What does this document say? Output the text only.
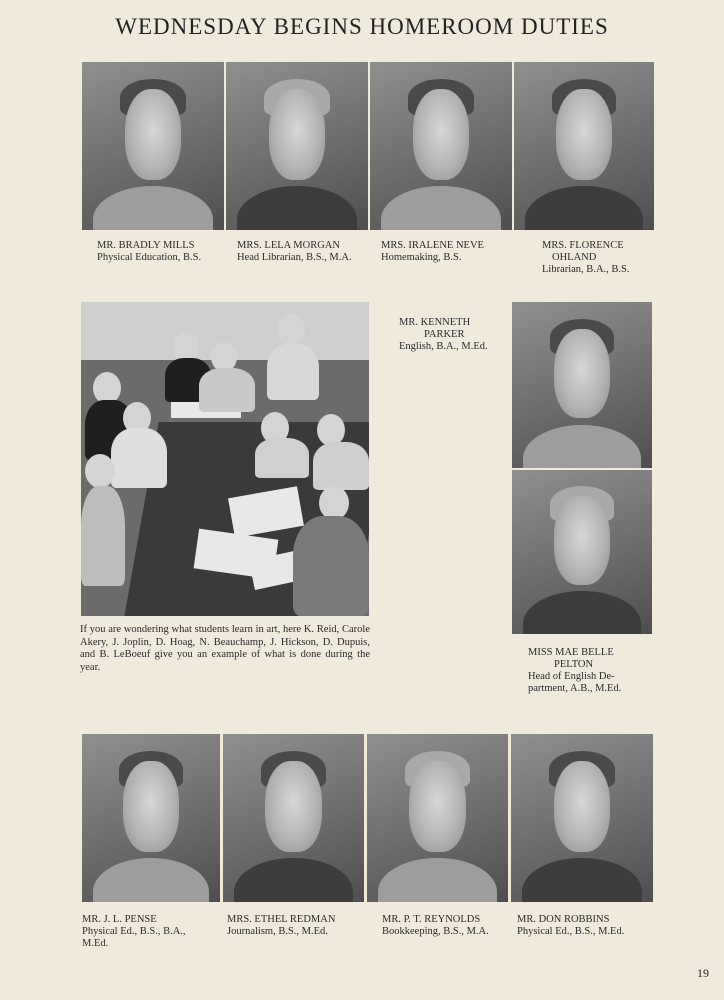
WEDNESDAY BEGINS HOMEROOM DUTIES
MR. BRADLY MILLS
Physical Education, B.S.
MRS. LELA MORGAN
Head Librarian, B.S., M.A.
MRS. IRALENE NEVE
Homemaking, B.S.
MRS. FLORENCE
OHLAND
Librarian, B.A., B.S.
If you are wondering what students learn in art, here K. Reid, Carole Akery, J. Joplin, D. Hoag, N. Beauchamp, J. Hickson, D. Dupuis, and B. LeBoeuf give you an example of what is done during the year.
MR. KENNETH
PARKER
English, B.A., M.Ed.
MISS MAE BELLE
PELTON
Head of English De-
partment, A.B., M.Ed.
MR. J. L. PENSE
Physical Ed., B.S., B.A.,
M.Ed.
MRS. ETHEL REDMAN
Journalism, B.S., M.Ed.
MR. P. T. REYNOLDS
Bookkeeping, B.S., M.A.
MR. DON ROBBINS
Physical Ed., B.S., M.Ed.
19
